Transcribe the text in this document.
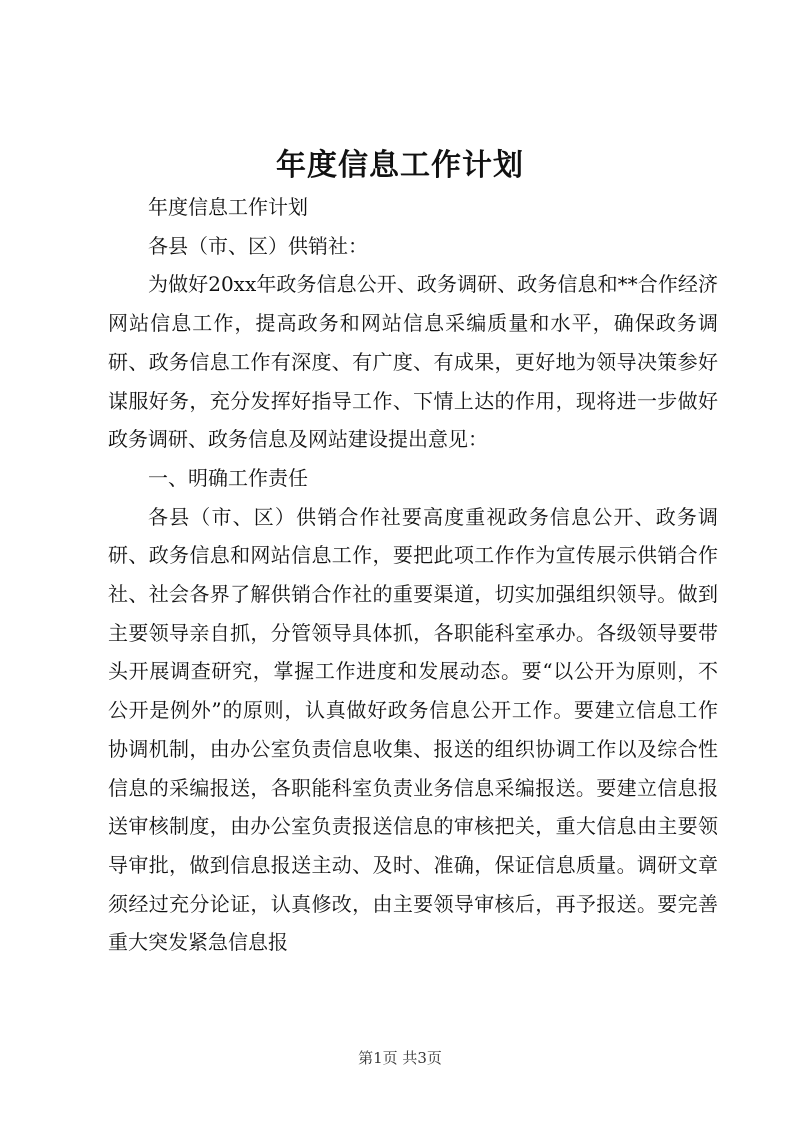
年度信息工作计划

年度信息工作计划

各县（市、区）供销社：

为做好20xx年政务信息公开、政务调研、政务信息和**合作经济网站信息工作，提高政务和网站信息采编质量和水平，确保政务调研、政务信息工作有深度、有广度、有成果，更好地为领导决策参好谋服好务，充分发挥好指导工作、下情上达的作用，现将进一步做好政务调研、政务信息及网站建设提出意见：

一、明确工作责任

各县（市、区）供销合作社要高度重视政务信息公开、政务调研、政务信息和网站信息工作，要把此项工作作为宣传展示供销合作社、社会各界了解供销合作社的重要渠道，切实加强组织领导。做到主要领导亲自抓，分管领导具体抓，各职能科室承办。各级领导要带头开展调查研究，掌握工作进度和发展动态。要“以公开为原则，不公开是例外”的原则，认真做好政务信息公开工作。要建立信息工作协调机制，由办公室负责信息收集、报送的组织协调工作以及综合性信息的采编报送，各职能科室负责业务信息采编报送。要建立信息报送审核制度，由办公室负责报送信息的审核把关，重大信息由主要领导审批，做到信息报送主动、及时、准确，保证信息质量。调研文章须经过充分论证，认真修改，由主要领导审核后，再予报送。要完善重大突发紧急信息报

第1页 共3页
